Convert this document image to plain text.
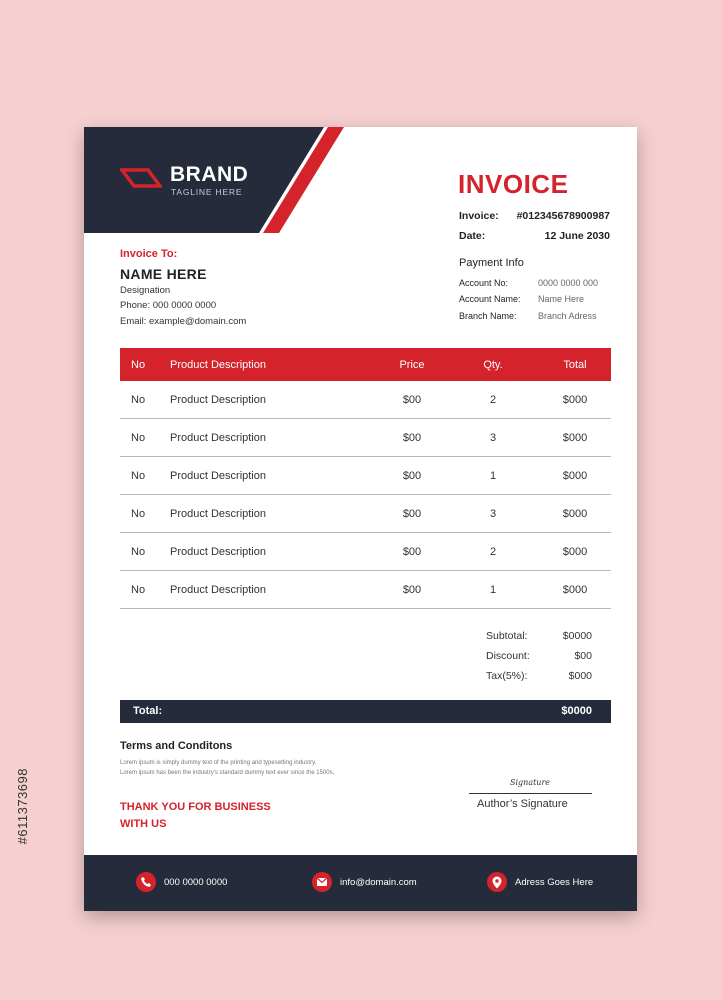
#611373698
BRAND
TAGLINE HERE	INVOICE
Invoice: #012345678900987
Date:	12 June 2030
Invoice To:
NAME HERE
Designation
Phone: 000 0000 0000
Email: example@domain.com
Payment Info
Account No:	0000 0000 000
Account Name: Name Here
Branch Name: Branch Adress
No Product Description	Price	Qty.	Total
No Product Description	$00	2	$000
No Product Description	$00	3	$000
No Product Description	$00	1	$000
No Product Description	$00	3	$000
No Product Description	$00	2	$000
No Product Description	$00	1	$000
Subtotal:	$0000
Discount:	$00
Tax(5%):	$000
Total:	$0000
Terms and Conditons
Lorem ipsum is simply dummy text of the printing and typesetting industry.
Lorem ipsum has been the industry's standard dummy text ever since the 1500s,
THANK YOU FOR BUSINESS
WITH US
Signature
Author’s Signature
000 0000 0000	info@domain.com	Adress Goes Here
